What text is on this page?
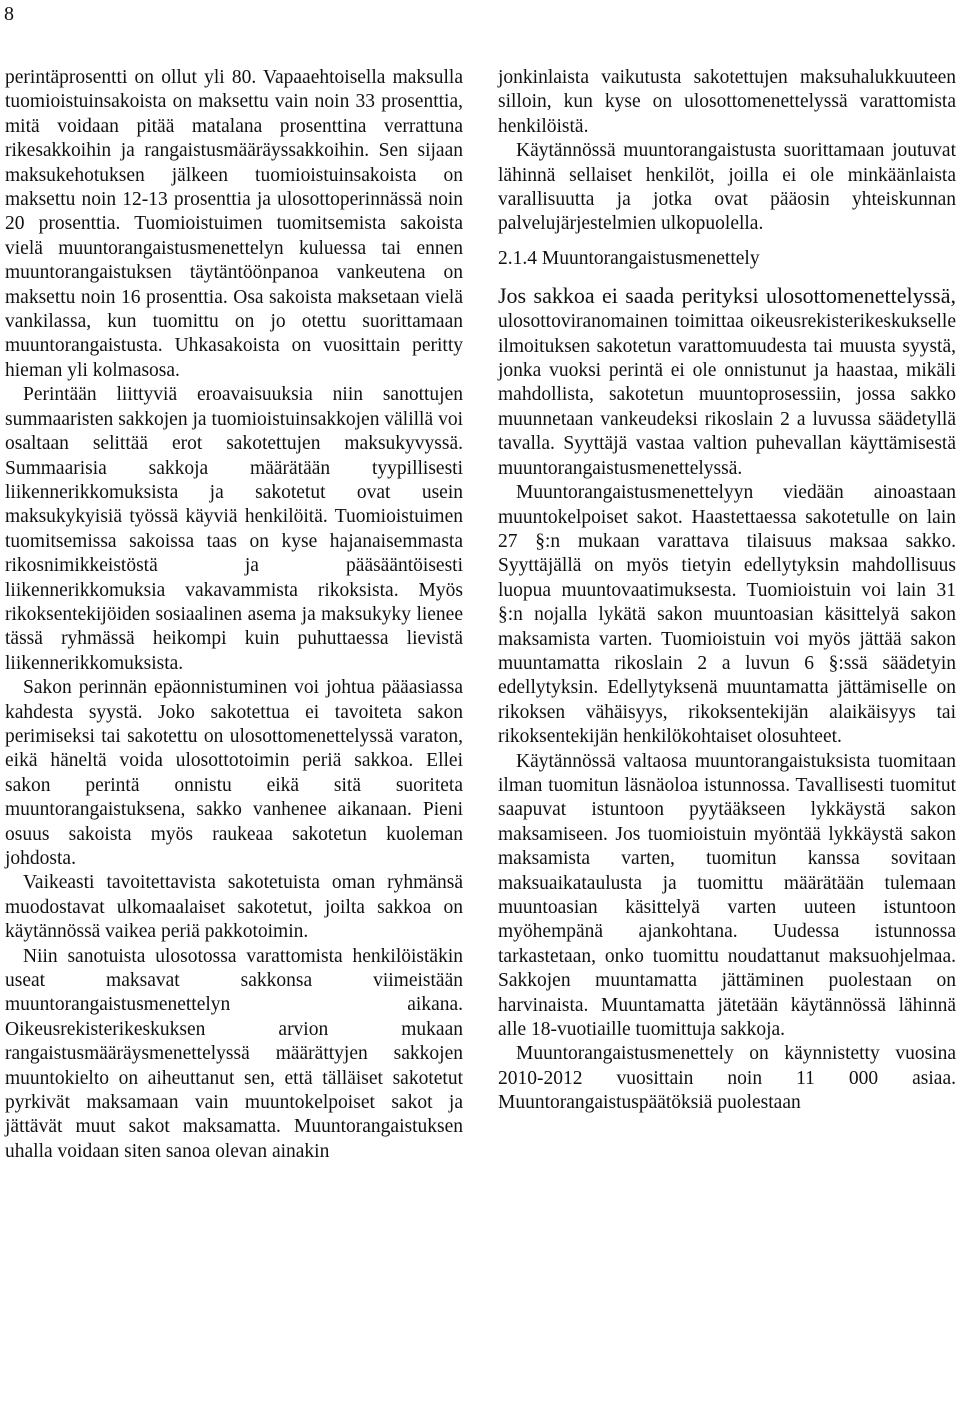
8

perintäprosentti on ollut yli 80. Vapaaehtoisella maksulla tuomioistuinsakoista on maksettu vain noin 33 prosenttia, mitä voidaan pitää matalana prosenttina verrattuna rikesakkoihin ja rangaistusmääräyssakkoihin. Sen sijaan maksukehotuksen jälkeen tuomioistuinsakoista on maksettu noin 12-13 prosenttia ja ulosottoperinnässä noin 20 prosenttia. Tuomioistuimen tuomitsemista sakoista vielä muuntorangaistusmenettelyn kuluessa tai ennen muuntorangaistuksen täytäntöönpanoa vankeutena on maksettu noin 16 prosenttia. Osa sakoista maksetaan vielä vankilassa, kun tuomittu on jo otettu suorittamaan muuntorangaistusta. Uhkasakoista on vuosittain peritty hieman yli kolmasosa.

Perintään liittyviä eroavaisuuksia niin sanottujen summaaristen sakkojen ja tuomioistuinsakkojen välillä voi osaltaan selittää erot sakotettujen maksukyvyssä. Summaarisia sakkoja määrätään tyypillisesti liikennerikkomuksista ja sakotetut ovat usein maksukykyisiä työssä käyviä henkilöitä. Tuomioistuimen tuomitsemissa sakoissa taas on kyse hajanaisemmasta rikosnimikkeistöstä ja pääsääntöisesti liikennerikkomuksia vakavammista rikoksista. Myös rikoksentekijöiden sosiaalinen asema ja maksukyky lienee tässä ryhmässä heikompi kuin puhuttaessa lievistä liikennerikkomuksista.

Sakon perinnän epäonnistuminen voi johtua pääasiassa kahdesta syystä. Joko sakotettua ei tavoiteta sakon perimiseksi tai sakotettu on ulosottomenettelyssä varaton, eikä häneltä voida ulosottotoimin periä sakkoa. Ellei sakon perintä onnistu eikä sitä suoriteta muuntorangaistuksena, sakko vanhenee aikanaan. Pieni osuus sakoista myös raukeaa sakotetun kuoleman johdosta.

Vaikeasti tavoitettavista sakotetuista oman ryhmänsä muodostavat ulkomaalaiset sakotetut, joilta sakkoa on käytännössä vaikea periä pakkotoimin.

Niin sanotuista ulosotossa varattomista henkilöistäkin useat maksavat sakkonsa viimeistään muuntorangaistusmenettelyn aikana. Oikeusrekisterikeskuksen arvion mukaan rangaistusmääräysmenettelyssä määrättyjen sakkojen muuntokielto on aiheuttanut sen, että tälläiset sakotetut pyrkivät maksamaan vain muuntokelpoiset sakot ja jättävät muut sakot maksamatta. Muuntorangaistuksen uhalla voidaan siten sanoa olevan ainakin

jonkinlaista vaikutusta sakotettujen maksuhalukkuuteen silloin, kun kyse on ulosottomenettelyssä varattomista henkilöistä.

Käytännössä muuntorangaistusta suorittamaan joutuvat lähinnä sellaiset henkilöt, joilla ei ole minkäänlaista varallisuutta ja jotka ovat pääosin yhteiskunnan palvelujärjestelmien ulkopuolella.

2.1.4 Muuntorangaistusmenettely

Jos sakkoa ei saada perityksi ulosottomenettelyssä, ulosottoviranomainen toimittaa oikeusrekisterikeskukselle ilmoituksen sakotetun varattomuudesta tai muusta syystä, jonka vuoksi perintä ei ole onnistunut ja haastaa, mikäli mahdollista, sakotetun muuntoprosessiin, jossa sakko muunnetaan vankeudeksi rikoslain 2 a luvussa säädetyllä tavalla. Syyttäjä vastaa valtion puhevallan käyttämisestä muuntorangaistusmenettelyssä.

Muuntorangaistusmenettelyyn viedään ainoastaan muuntokelpoiset sakot. Haastettaessa sakotetulle on lain 27 §:n mukaan varattava tilaisuus maksaa sakko. Syyttäjällä on myös tietyin edellytyksin mahdollisuus luopua muuntovaatimuksesta. Tuomioistuin voi lain 31 §:n nojalla lykätä sakon muuntoasian käsittelyä sakon maksamista varten. Tuomioistuin voi myös jättää sakon muuntamatta rikoslain 2 a luvun 6 §:ssä säädetyin edellytyksin. Edellytyksenä muuntamatta jättämiselle on rikoksen vähäisyys, rikoksentekijän alaikäisyys tai rikoksentekijän henkilökohtaiset olosuhteet.

Käytännössä valtaosa muuntorangaistuksista tuomitaan ilman tuomitun läsnäoloa istunnossa. Tavallisesti tuomitut saapuvat istuntoon pyytääkseen lykkäystä sakon maksamiseen. Jos tuomioistuin myöntää lykkäystä sakon maksamista varten, tuomitun kanssa sovitaan maksuaikataulusta ja tuomittu määrätään tulemaan muuntoasian käsittelyä varten uuteen istuntoon myöhempänä ajankohtana. Uudessa istunnossa tarkastetaan, onko tuomittu noudattanut maksuohjelmaa. Sakkojen muuntamatta jättäminen puolestaan on harvinaista. Muuntamatta jätetään käytännössä lähinnä alle 18-vuotiaille tuomittuja sakkoja.

Muuntorangaistusmenettely on käynnistetty vuosina 2010-2012 vuosittain noin 11 000 asiaa. Muuntorangaistuspäätöksiä puolestaan
